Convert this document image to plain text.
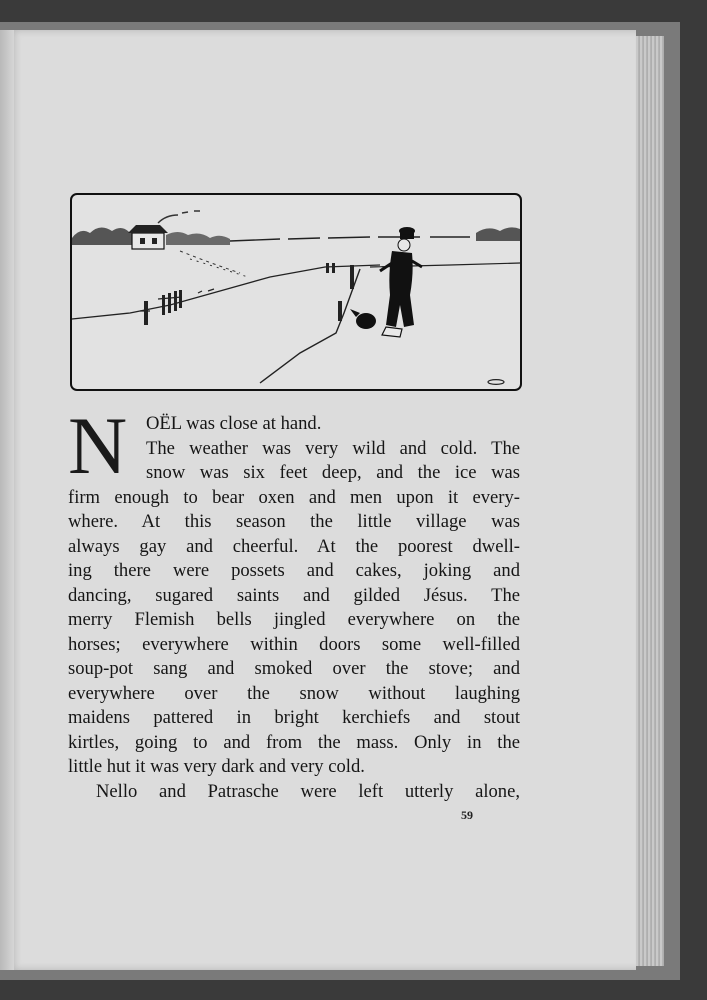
N	OËL was close at hand.
The weather was very wild and cold. The
snow was six feet deep, and the ice was
firm enough to bear oxen and men upon it every-
where. At this season the little village was
always gay and cheerful. At the poorest dwell-
ing there were possets and cakes, joking and
dancing, sugared saints and gilded Jésus. The
merry Flemish bells jingled everywhere on the
horses; everywhere within doors some well-filled
soup-pot sang and smoked over the stove; and
everywhere over the snow without laughing
maidens pattered in bright kerchiefs and stout
kirtles, going to and from the mass. Only in the
little hut it was very dark and very cold.
Nello and Patrasche were left utterly alone,
59
